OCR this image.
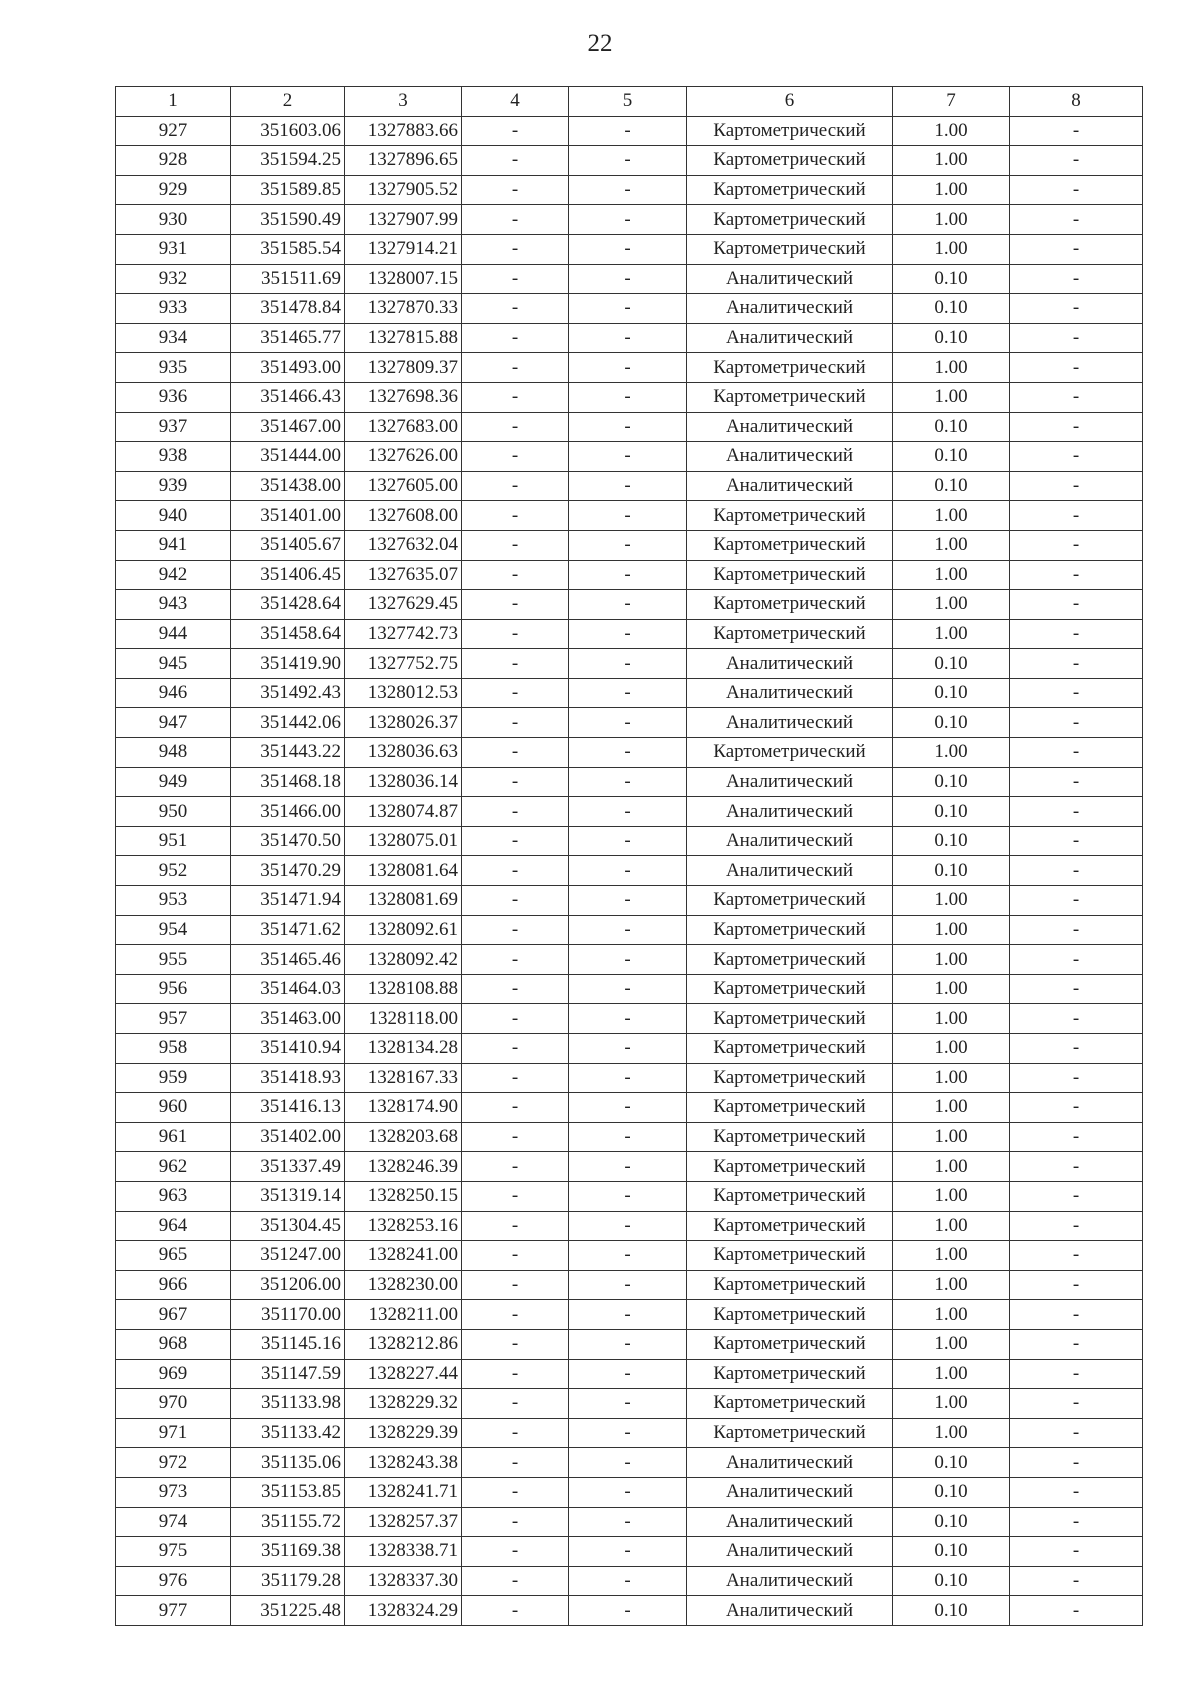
22
1	2	3	4	5	6	7	8
927	351603.06	1327883.66	-	-	Картометрический	1.00	-
928	351594.25	1327896.65	-	-	Картометрический	1.00	-
929	351589.85	1327905.52	-	-	Картометрический	1.00	-
930	351590.49	1327907.99	-	-	Картометрический	1.00	-
931	351585.54	1327914.21	-	-	Картометрический	1.00	-
932	351511.69	1328007.15	-	-	Аналитический	0.10	-
933	351478.84	1327870.33	-	-	Аналитический	0.10	-
934	351465.77	1327815.88	-	-	Аналитический	0.10	-
935	351493.00	1327809.37	-	-	Картометрический	1.00	-
936	351466.43	1327698.36	-	-	Картометрический	1.00	-
937	351467.00	1327683.00	-	-	Аналитический	0.10	-
938	351444.00	1327626.00	-	-	Аналитический	0.10	-
939	351438.00	1327605.00	-	-	Аналитический	0.10	-
940	351401.00	1327608.00	-	-	Картометрический	1.00	-
941	351405.67	1327632.04	-	-	Картометрический	1.00	-
942	351406.45	1327635.07	-	-	Картометрический	1.00	-
943	351428.64	1327629.45	-	-	Картометрический	1.00	-
944	351458.64	1327742.73	-	-	Картометрический	1.00	-
945	351419.90	1327752.75	-	-	Аналитический	0.10	-
946	351492.43	1328012.53	-	-	Аналитический	0.10	-
947	351442.06	1328026.37	-	-	Аналитический	0.10	-
948	351443.22	1328036.63	-	-	Картометрический	1.00	-
949	351468.18	1328036.14	-	-	Аналитический	0.10	-
950	351466.00	1328074.87	-	-	Аналитический	0.10	-
951	351470.50	1328075.01	-	-	Аналитический	0.10	-
952	351470.29	1328081.64	-	-	Аналитический	0.10	-
953	351471.94	1328081.69	-	-	Картометрический	1.00	-
954	351471.62	1328092.61	-	-	Картометрический	1.00	-
955	351465.46	1328092.42	-	-	Картометрический	1.00	-
956	351464.03	1328108.88	-	-	Картометрический	1.00	-
957	351463.00	1328118.00	-	-	Картометрический	1.00	-
958	351410.94	1328134.28	-	-	Картометрический	1.00	-
959	351418.93	1328167.33	-	-	Картометрический	1.00	-
960	351416.13	1328174.90	-	-	Картометрический	1.00	-
961	351402.00	1328203.68	-	-	Картометрический	1.00	-
962	351337.49	1328246.39	-	-	Картометрический	1.00	-
963	351319.14	1328250.15	-	-	Картометрический	1.00	-
964	351304.45	1328253.16	-	-	Картометрический	1.00	-
965	351247.00	1328241.00	-	-	Картометрический	1.00	-
966	351206.00	1328230.00	-	-	Картометрический	1.00	-
967	351170.00	1328211.00	-	-	Картометрический	1.00	-
968	351145.16	1328212.86	-	-	Картометрический	1.00	-
969	351147.59	1328227.44	-	-	Картометрический	1.00	-
970	351133.98	1328229.32	-	-	Картометрический	1.00	-
971	351133.42	1328229.39	-	-	Картометрический	1.00	-
972	351135.06	1328243.38	-	-	Аналитический	0.10	-
973	351153.85	1328241.71	-	-	Аналитический	0.10	-
974	351155.72	1328257.37	-	-	Аналитический	0.10	-
975	351169.38	1328338.71	-	-	Аналитический	0.10	-
976	351179.28	1328337.30	-	-	Аналитический	0.10	-
977	351225.48	1328324.29	-	-	Аналитический	0.10	-
